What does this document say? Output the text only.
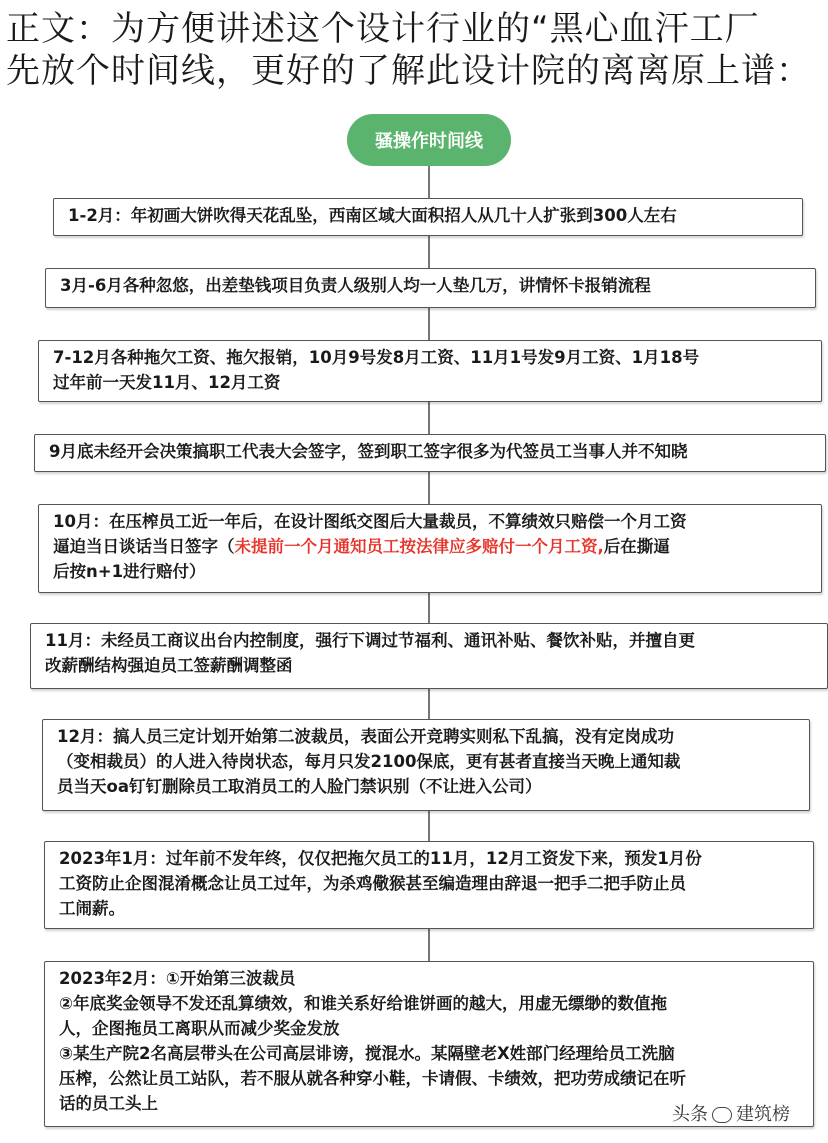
正文：为方便讲述这个设计行业的“黑心血汗工厂
先放个时间线，更好的了解此设计院的离离原上谱：
骚操作时间线
1-2月：年初画大饼吹得天花乱坠，西南区域大面积招人从几十人扩张到300人左右
3月-6月各种忽悠，出差垫钱项目负责人级别人均一人垫几万，讲情怀卡报销流程
7-12月各种拖欠工资、拖欠报销，10月9号发8月工资、11月1号发9月工资、1月18号
过年前一天发11月、12月工资
9月底未经开会决策搞职工代表大会签字，签到职工签字很多为代签员工当事人并不知晓
10月：在压榨员工近一年后，在设计图纸交图后大量裁员，不算绩效只赔偿一个月工资
逼迫当日谈话当日签字（未提前一个月通知员工按法律应多赔付一个月工资,后在撕逼
后按n+1进行赔付）
11月：未经员工商议出台内控制度，强行下调过节福利、通讯补贴、餐饮补贴，并擅自更
改薪酬结构强迫员工签薪酬调整函
12月：搞人员三定计划开始第二波裁员，表面公开竞聘实则私下乱搞，没有定岗成功
（变相裁员）的人进入待岗状态，每月只发2100保底，更有甚者直接当天晚上通知裁
员当天oa钉钉删除员工取消员工的人脸门禁识别（不让进入公司）
2023年1月：过年前不发年终，仅仅把拖欠员工的11月，12月工资发下来，预发1月份
工资防止企图混淆概念让员工过年，为杀鸡儆猴甚至编造理由辞退一把手二把手防止员
工闹薪。
2023年2月：①开始第三波裁员
②年底奖金领导不发还乱算绩效，和谁关系好给谁饼画的越大，用虚无缥缈的数值拖
人，企图拖员工离职从而减少奖金发放
③某生产院2名高层带头在公司高层诽谤，搅混水。某隔壁老X姓部门经理给员工洗脑
压榨，公然让员工站队，若不服从就各种穿小鞋，卡请假、卡绩效，把功劳成绩记在听
话的员工头上
头条 建筑榜
